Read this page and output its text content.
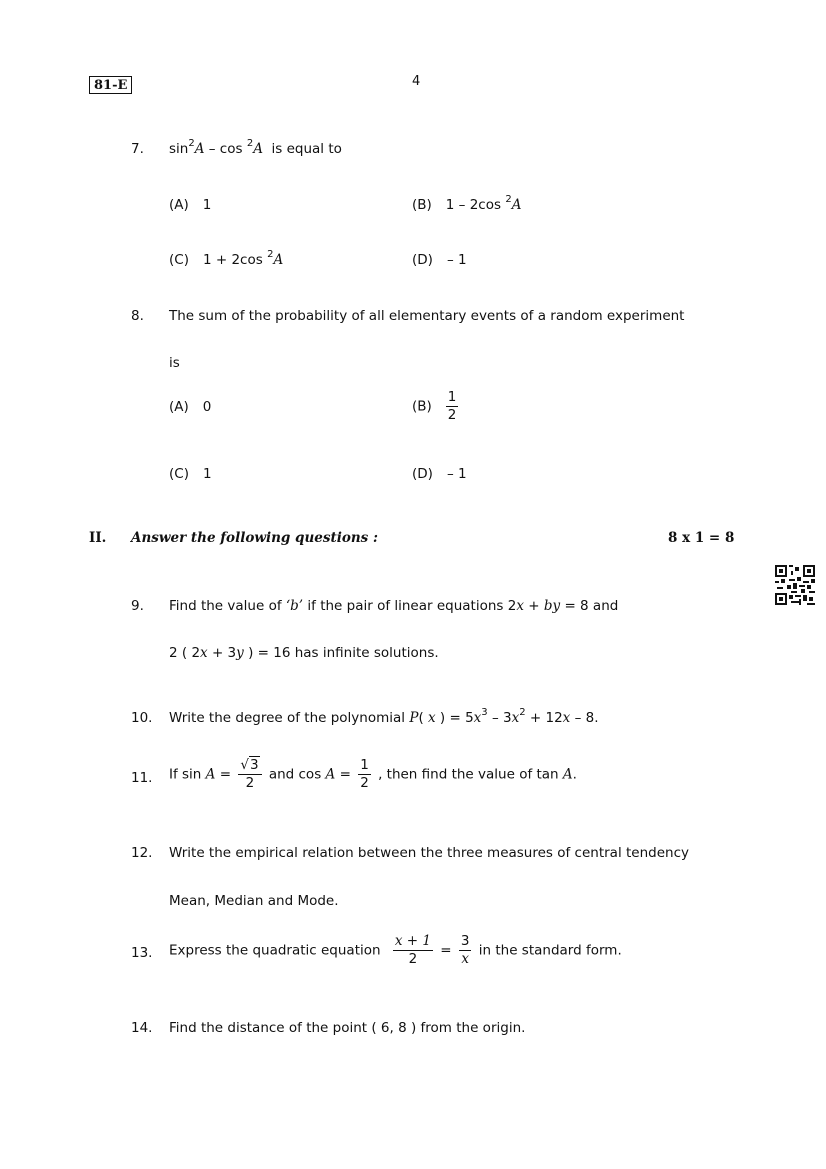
81-E	4
7. $\sin^2A$ – cos $^2$A is equal to
(A) 1	(B) 1 – 2cos $^2$A
(C) 1 + 2cos $^2$A	(D) – 1
8. The sum of the probability of all elementary events of a random experiment
is
(A) 0	$(B) \frac{1}{2}$
(C) 1	(D) – 1
II. Answer the following questions :	8 x 1 = 8
9. Find the value of ‘b’ if the pair of linear equations 2x + by = 8 and
2 ( 2x + 3y ) = 16 has infinite solutions.
10. Write the degree of the polynomial P( x ) = $5x^3 - 3x^2 + 12x - 8$.
11. If $\sin A = \frac{√3}{2}$ and $\cos A = \frac{1}{2}$ , then find the value of tan A.
12. Write the empirical relation between the three measures of central tendency
Mean, Median and Mode.
13. Express the quadratic equation $\frac{x + 1}{2} = \frac{3}{x}$ in the standard form.
14. Find the distance of the point ( 6, 8 ) from the origin.
